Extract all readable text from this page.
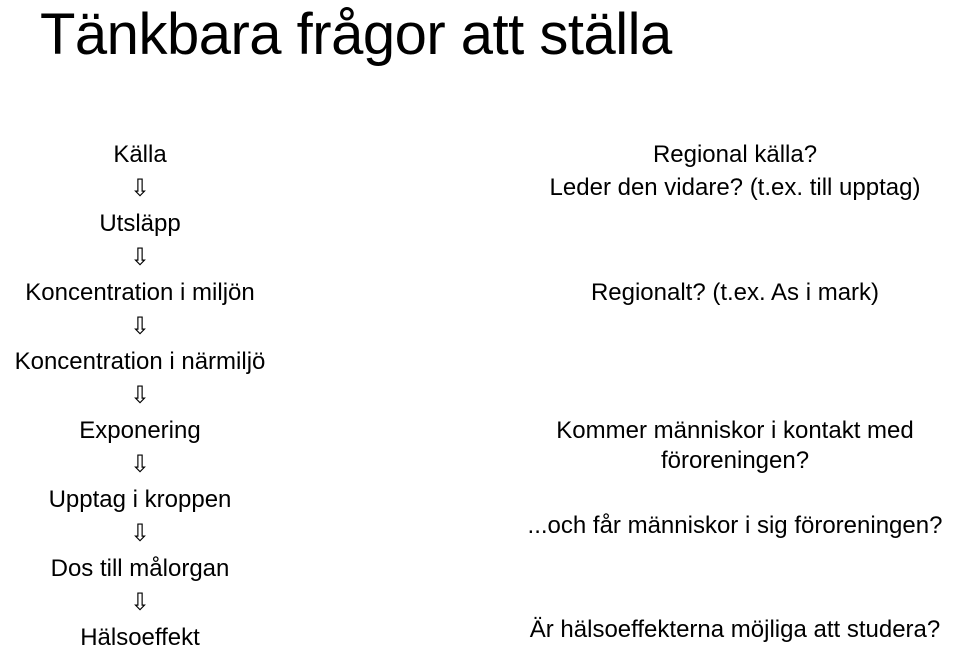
Tänkbara frågor att ställa
Källa
⇩
Utsläpp
⇩
Koncentration i miljön
⇩
Koncentration i närmiljö
⇩
Exponering
⇩
Upptag i kroppen
⇩
Dos till målorgan
⇩
Hälsoeffekt
Regional källa?
Leder den vidare? (t.ex. till upptag)
Regionalt? (t.ex. As i mark)
Kommer människor i kontakt med
föroreningen?
...och får människor i sig föroreningen?
Är hälsoeffekterna möjliga att studera?
